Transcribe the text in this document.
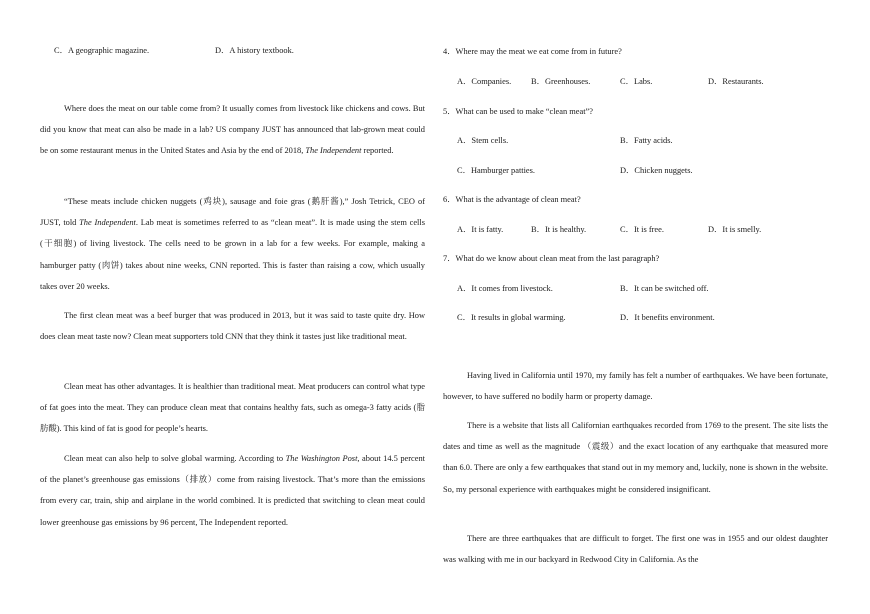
C．A geographic magazine.	D．A history textbook.

Where does the meat on our table come from? It usually comes from livestock like chickens and cows. But did you know that meat can also be made in a lab? US company JUST has announced that lab-grown meat could be on some restaurant menus in the United States and Asia by the end of 2018, The Independent reported.

“These meats include chicken nuggets (鸡块), sausage and foie gras (鹅肝酱),” Josh Tetrick, CEO of JUST, told The Independent. Lab meat is sometimes referred to as “clean meat”. It is made using the stem cells (干细胞) of living livestock. The cells need to be grown in a lab for a few weeks. For example, making a hamburger patty (肉饼) takes about nine weeks, CNN reported. This is faster than raising a cow, which usually takes over 20 weeks.

The first clean meat was a beef burger that was produced in 2013, but it was said to taste quite dry. How does clean meat taste now? Clean meat supporters told CNN that they think it tastes just like traditional meat.

Clean meat has other advantages. It is healthier than traditional meat. Meat producers can control what type of fat goes into the meat. They can produce clean meat that contains healthy fats, such as omega-3 fatty acids (脂肪酸). This kind of fat is good for people’s hearts.

Clean meat can also help to solve global warming. According to The Washington Post, about 14.5 percent of the planet’s greenhouse gas emissions（排放）come from raising livestock. That’s more than the emissions from every car, train, ship and airplane in the world combined. It is predicted that switching to clean meat could lower greenhouse gas emissions by 96 percent, The Independent reported.

4．Where may the meat we eat come from in future?
A．Companies. B．Greenhouses.	C．Labs.	D．Restaurants.
5．What can be used to make “clean meat”?
A．Stem cells.	B．Fatty acids.
C．Hamburger patties.	D．Chicken nuggets.
6．What is the advantage of clean meat?
A．It is fatty.	B．It is healthy.	C．It is free.	D．It is smelly.
7．What do we know about clean meat from the last paragraph?
A．It comes from livestock.	B．It can be switched off.
C．It results in global warming.	D．It benefits environment.

Having lived in California until 1970, my family has felt a number of earthquakes. We have been fortunate, however, to have suffered no bodily harm or property damage.

There is a website that lists all Californian earthquakes recorded from 1769 to the present. The site lists the dates and time as well as the magnitude （震级）and the exact location of any earthquake that measured more than 6.0. There are only a few earthquakes that stand out in my memory and, luckily, none is shown in the website. So, my personal experience with earthquakes might be considered insignificant.

There are three earthquakes that are difficult to forget. The first one was in 1955 and our oldest daughter was walking with me in our backyard in Redwood City in California. As the
